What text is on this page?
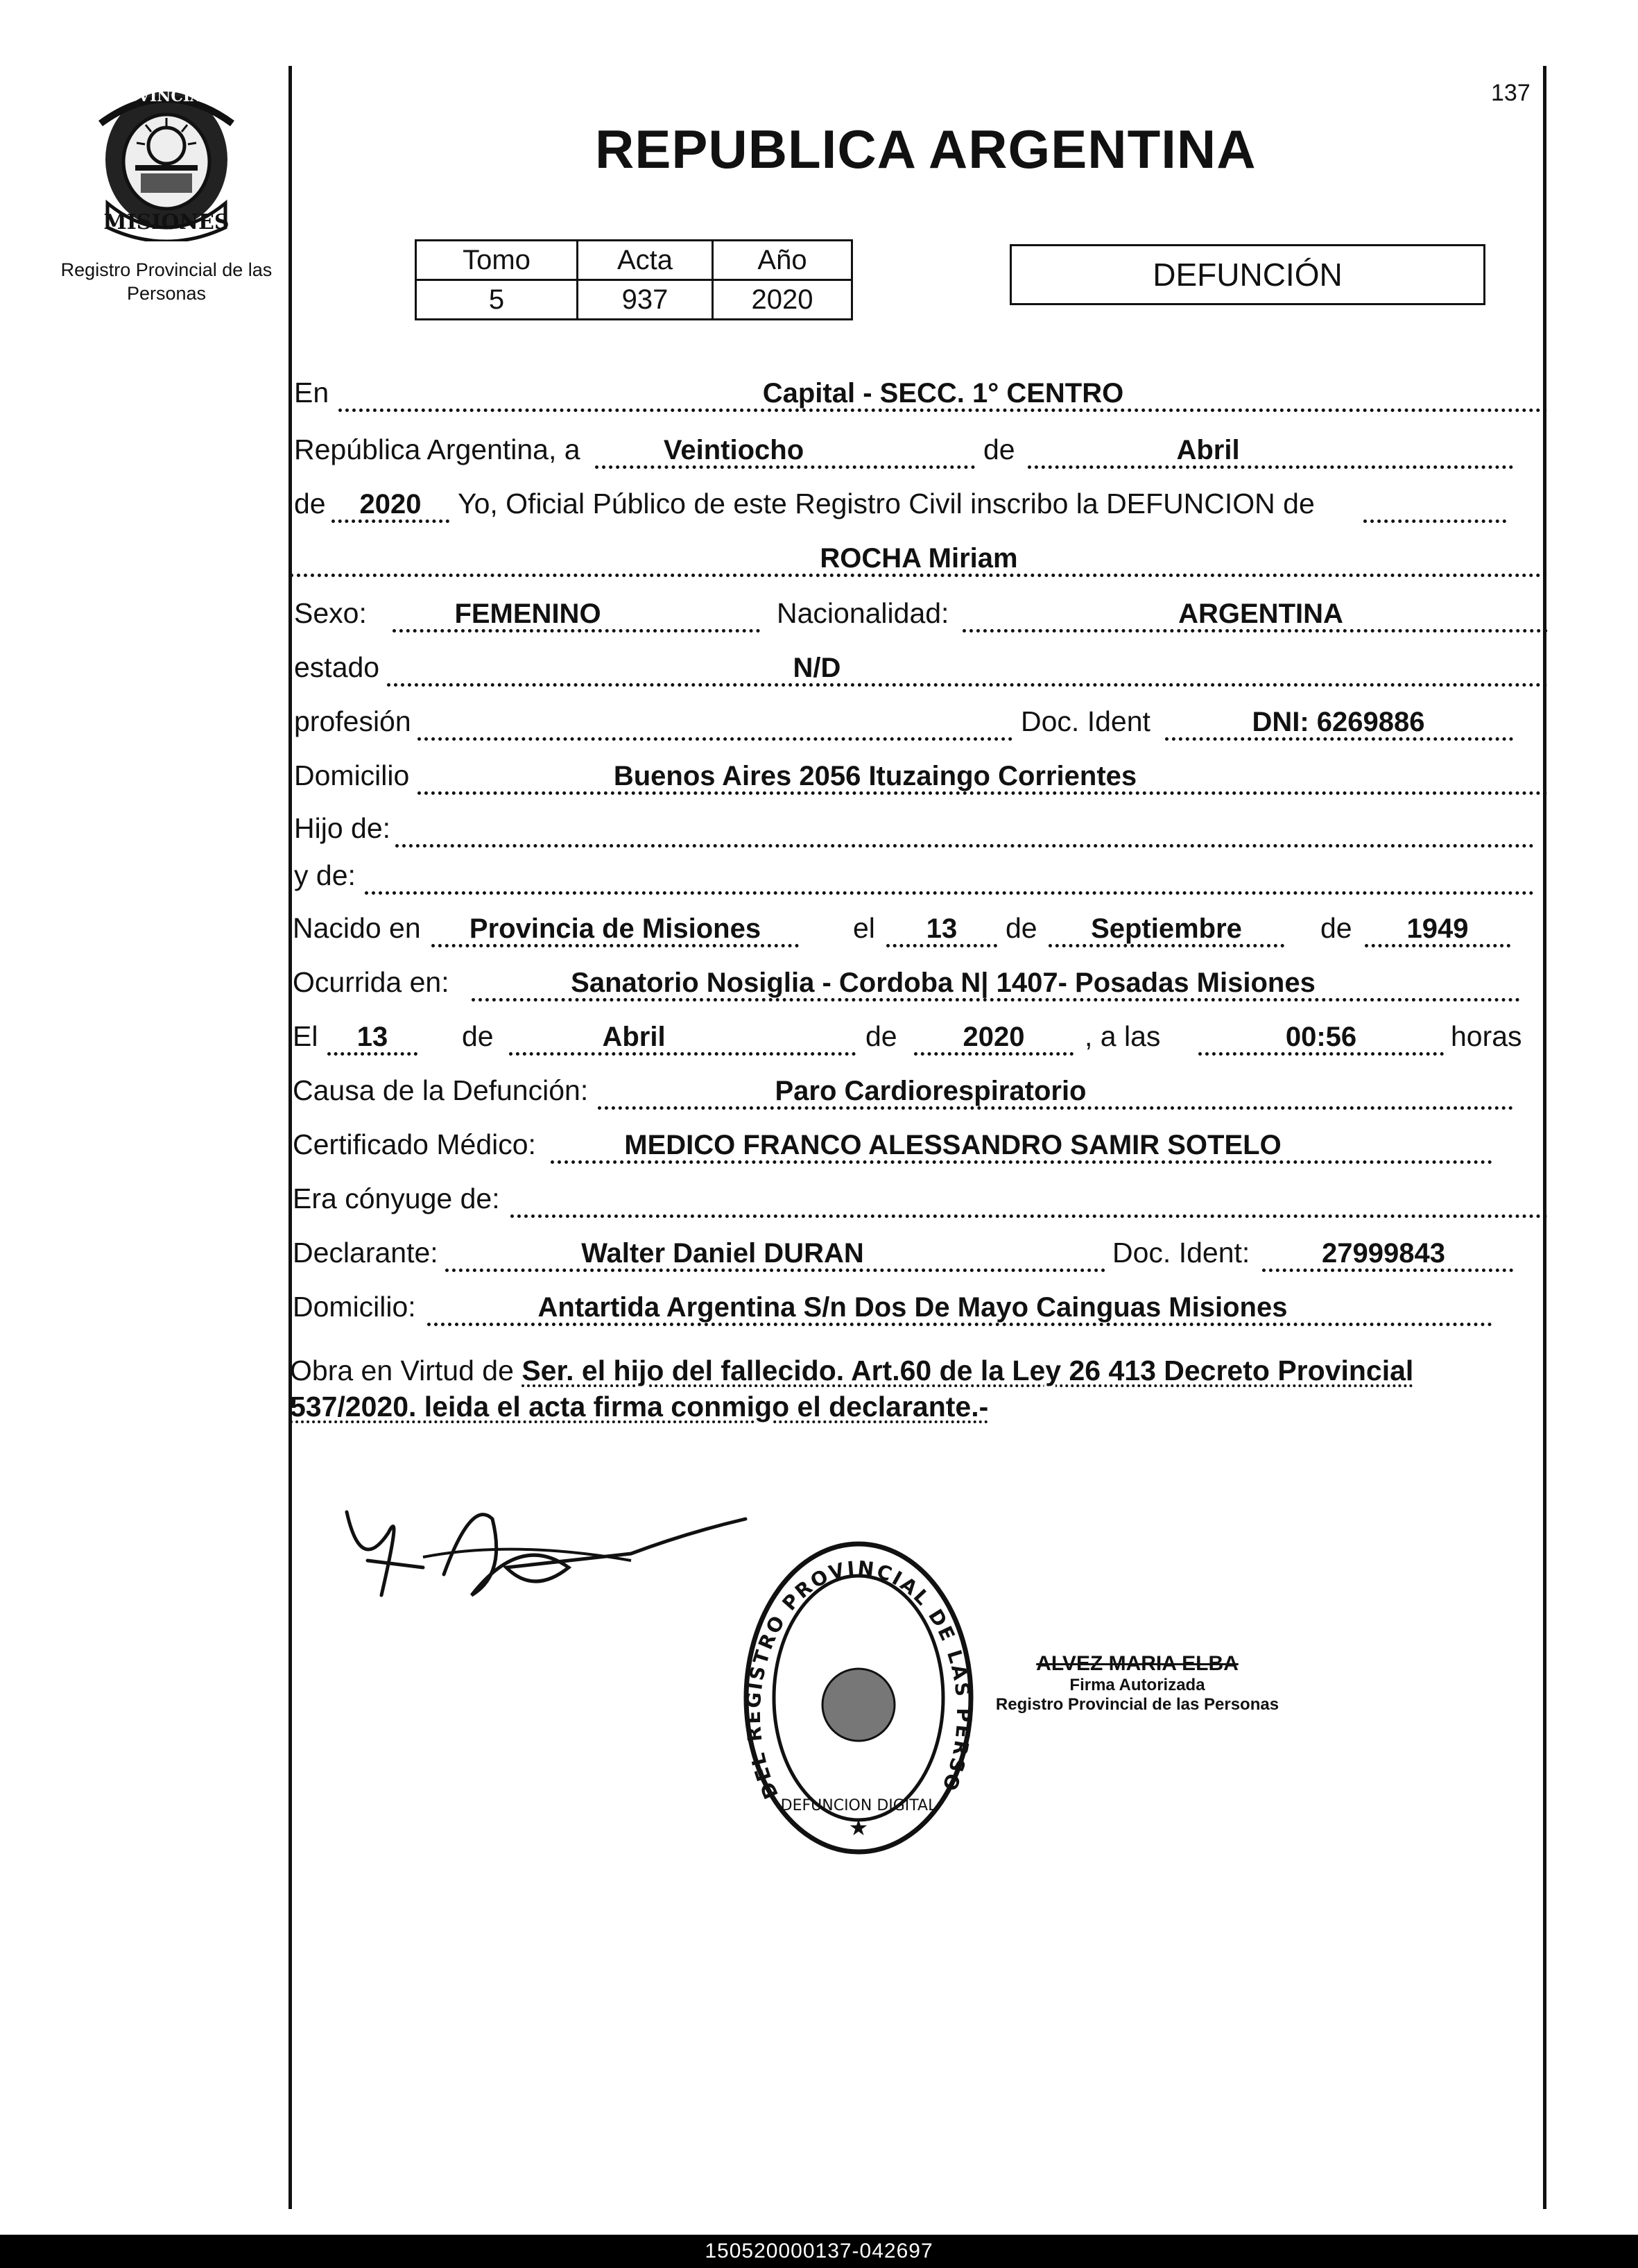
PROVINCIA DE
MISIONES
Registro Provincial de las Personas
REPUBLICA ARGENTINA
137
Tomo	Acta	Año
5	937	2020
DEFUNCIÓN
En	Capital - SECC. 1° CENTRO
República Argentina, a	Veintiocho	de	Abril
de	2020	Yo, Oficial Público de este Registro Civil inscribo la DEFUNCION de
ROCHA Miriam
Sexo:	FEMENINO	Nacionalidad:	ARGENTINA
estado	N/D
profesión	Doc. Ident	DNI: 6269886
Domicilio	Buenos Aires 2056 Ituzaingo Corrientes
Hijo de:
y de:
Nacido en	Provincia de Misiones	el	13	de	Septiembre	de	1949
Ocurrida en:	Sanatorio Nosiglia - Cordoba N| 1407- Posadas Misiones
El	13	de	Abril	de	2020	, a las	00:56	horas
Causa de la Defunción:	Paro Cardiorespiratorio
Certificado Médico:	MEDICO FRANCO ALESSANDRO SAMIR SOTELO
Era cónyuge de:
Declarante:	Walter Daniel DURAN	Doc. Ident:	27999843
Domicilio:	Antartida Argentina S/n Dos De Mayo Cainguas Misiones
Obra en Virtud de Ser. el hijo del fallecido. Art.60 de la Ley 26 413 Decreto Provincial 537/2020. leida el acta firma conmigo el declarante.-
DEL REGISTRO PROVINCIAL DE LAS PERSO
DEFUNCION DIGITAL
★
ALVEZ MARIA ELBA
Firma Autorizada
Registro Provincial de las Personas
150520000137-042697
